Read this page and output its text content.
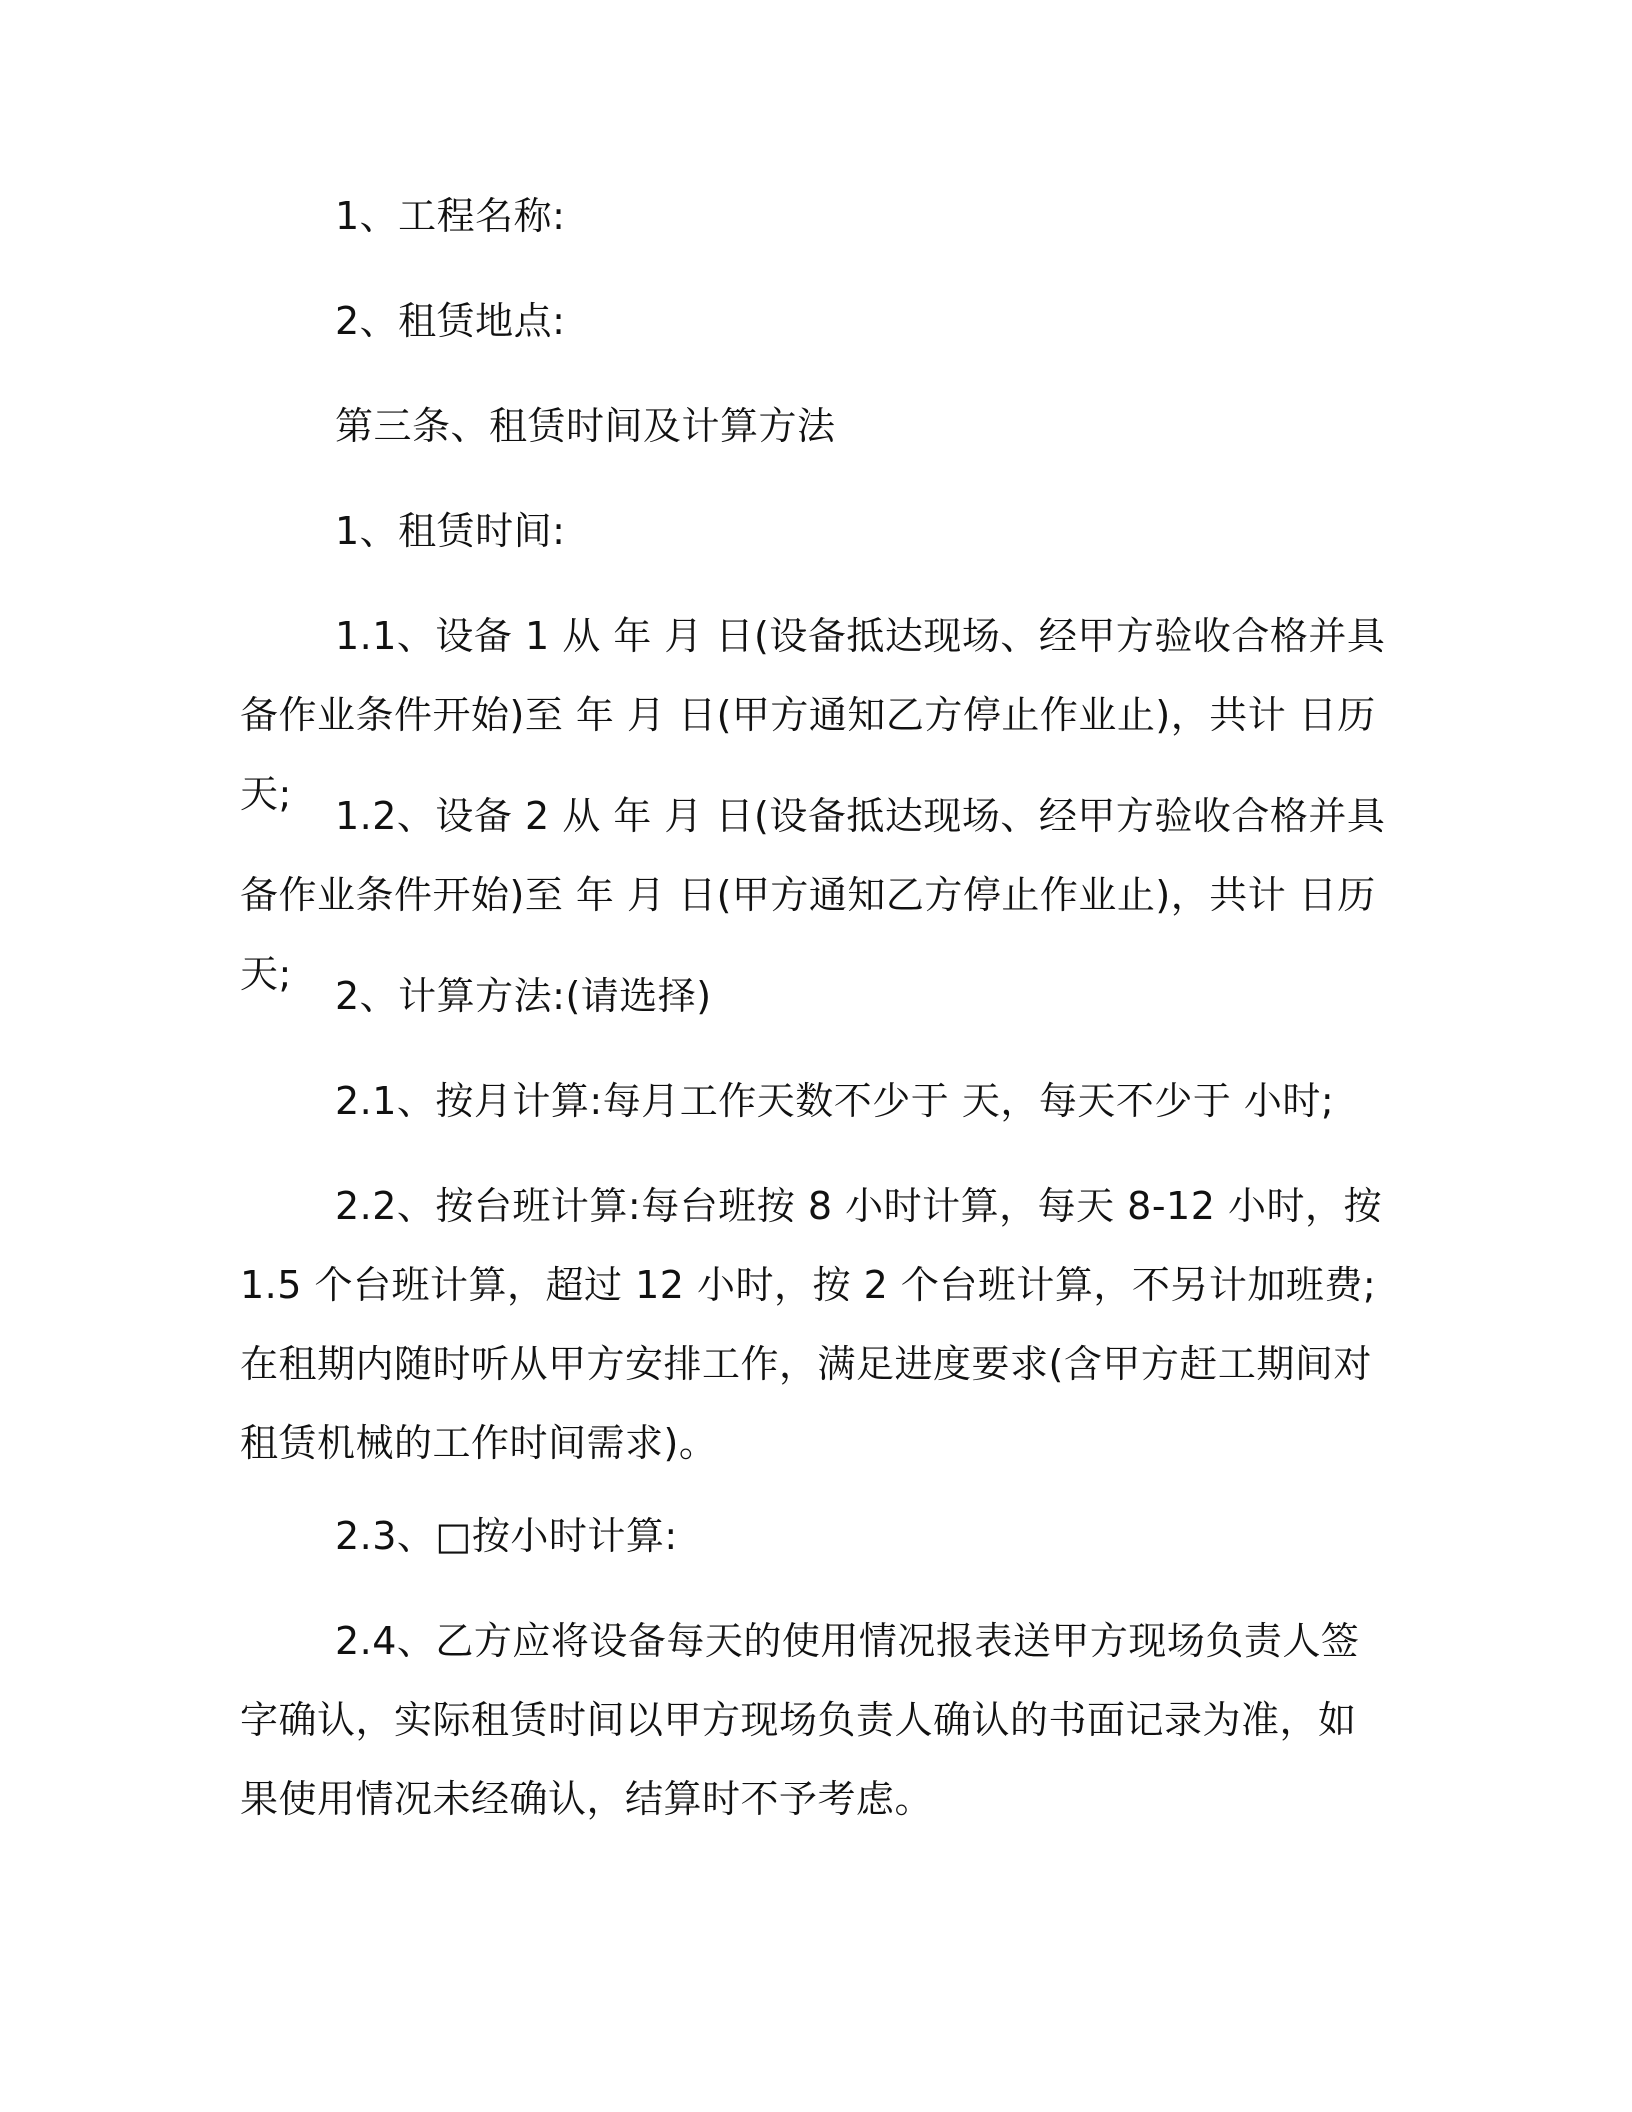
1、工程名称:

2、租赁地点:

第三条、租赁时间及计算方法

1、租赁时间:

1.1、设备 1 从 年 月 日(设备抵达现场、经甲方验收合格并具备作业条件开始)至 年 月 日(甲方通知乙方停止作业止)，共计 日历天;	1.2、设备 2 从 年 月 日(设备抵达现场、经甲方验收合格并具备作业条件开始)至 年 月 日(甲方通知乙方停止作业止)，共计 日历天;	2、计算方法:(请选择)

2.1、按月计算:每月工作天数不少于 天，每天不少于 小时;

2.2、按台班计算:每台班按 8 小时计算，每天 8-12 小时，按 1.5 个台班计算，超过 12 小时，按 2 个台班计算，不另计加班费;在租期内随时听从甲方安排工作，满足进度要求(含甲方赶工期间对租赁机械的工作时间需求)。

2.3、□按小时计算:

2.4、乙方应将设备每天的使用情况报表送甲方现场负责人签字确认，实际租赁时间以甲方现场负责人确认的书面记录为准，如果使用情况未经确认，结算时不予考虑。
